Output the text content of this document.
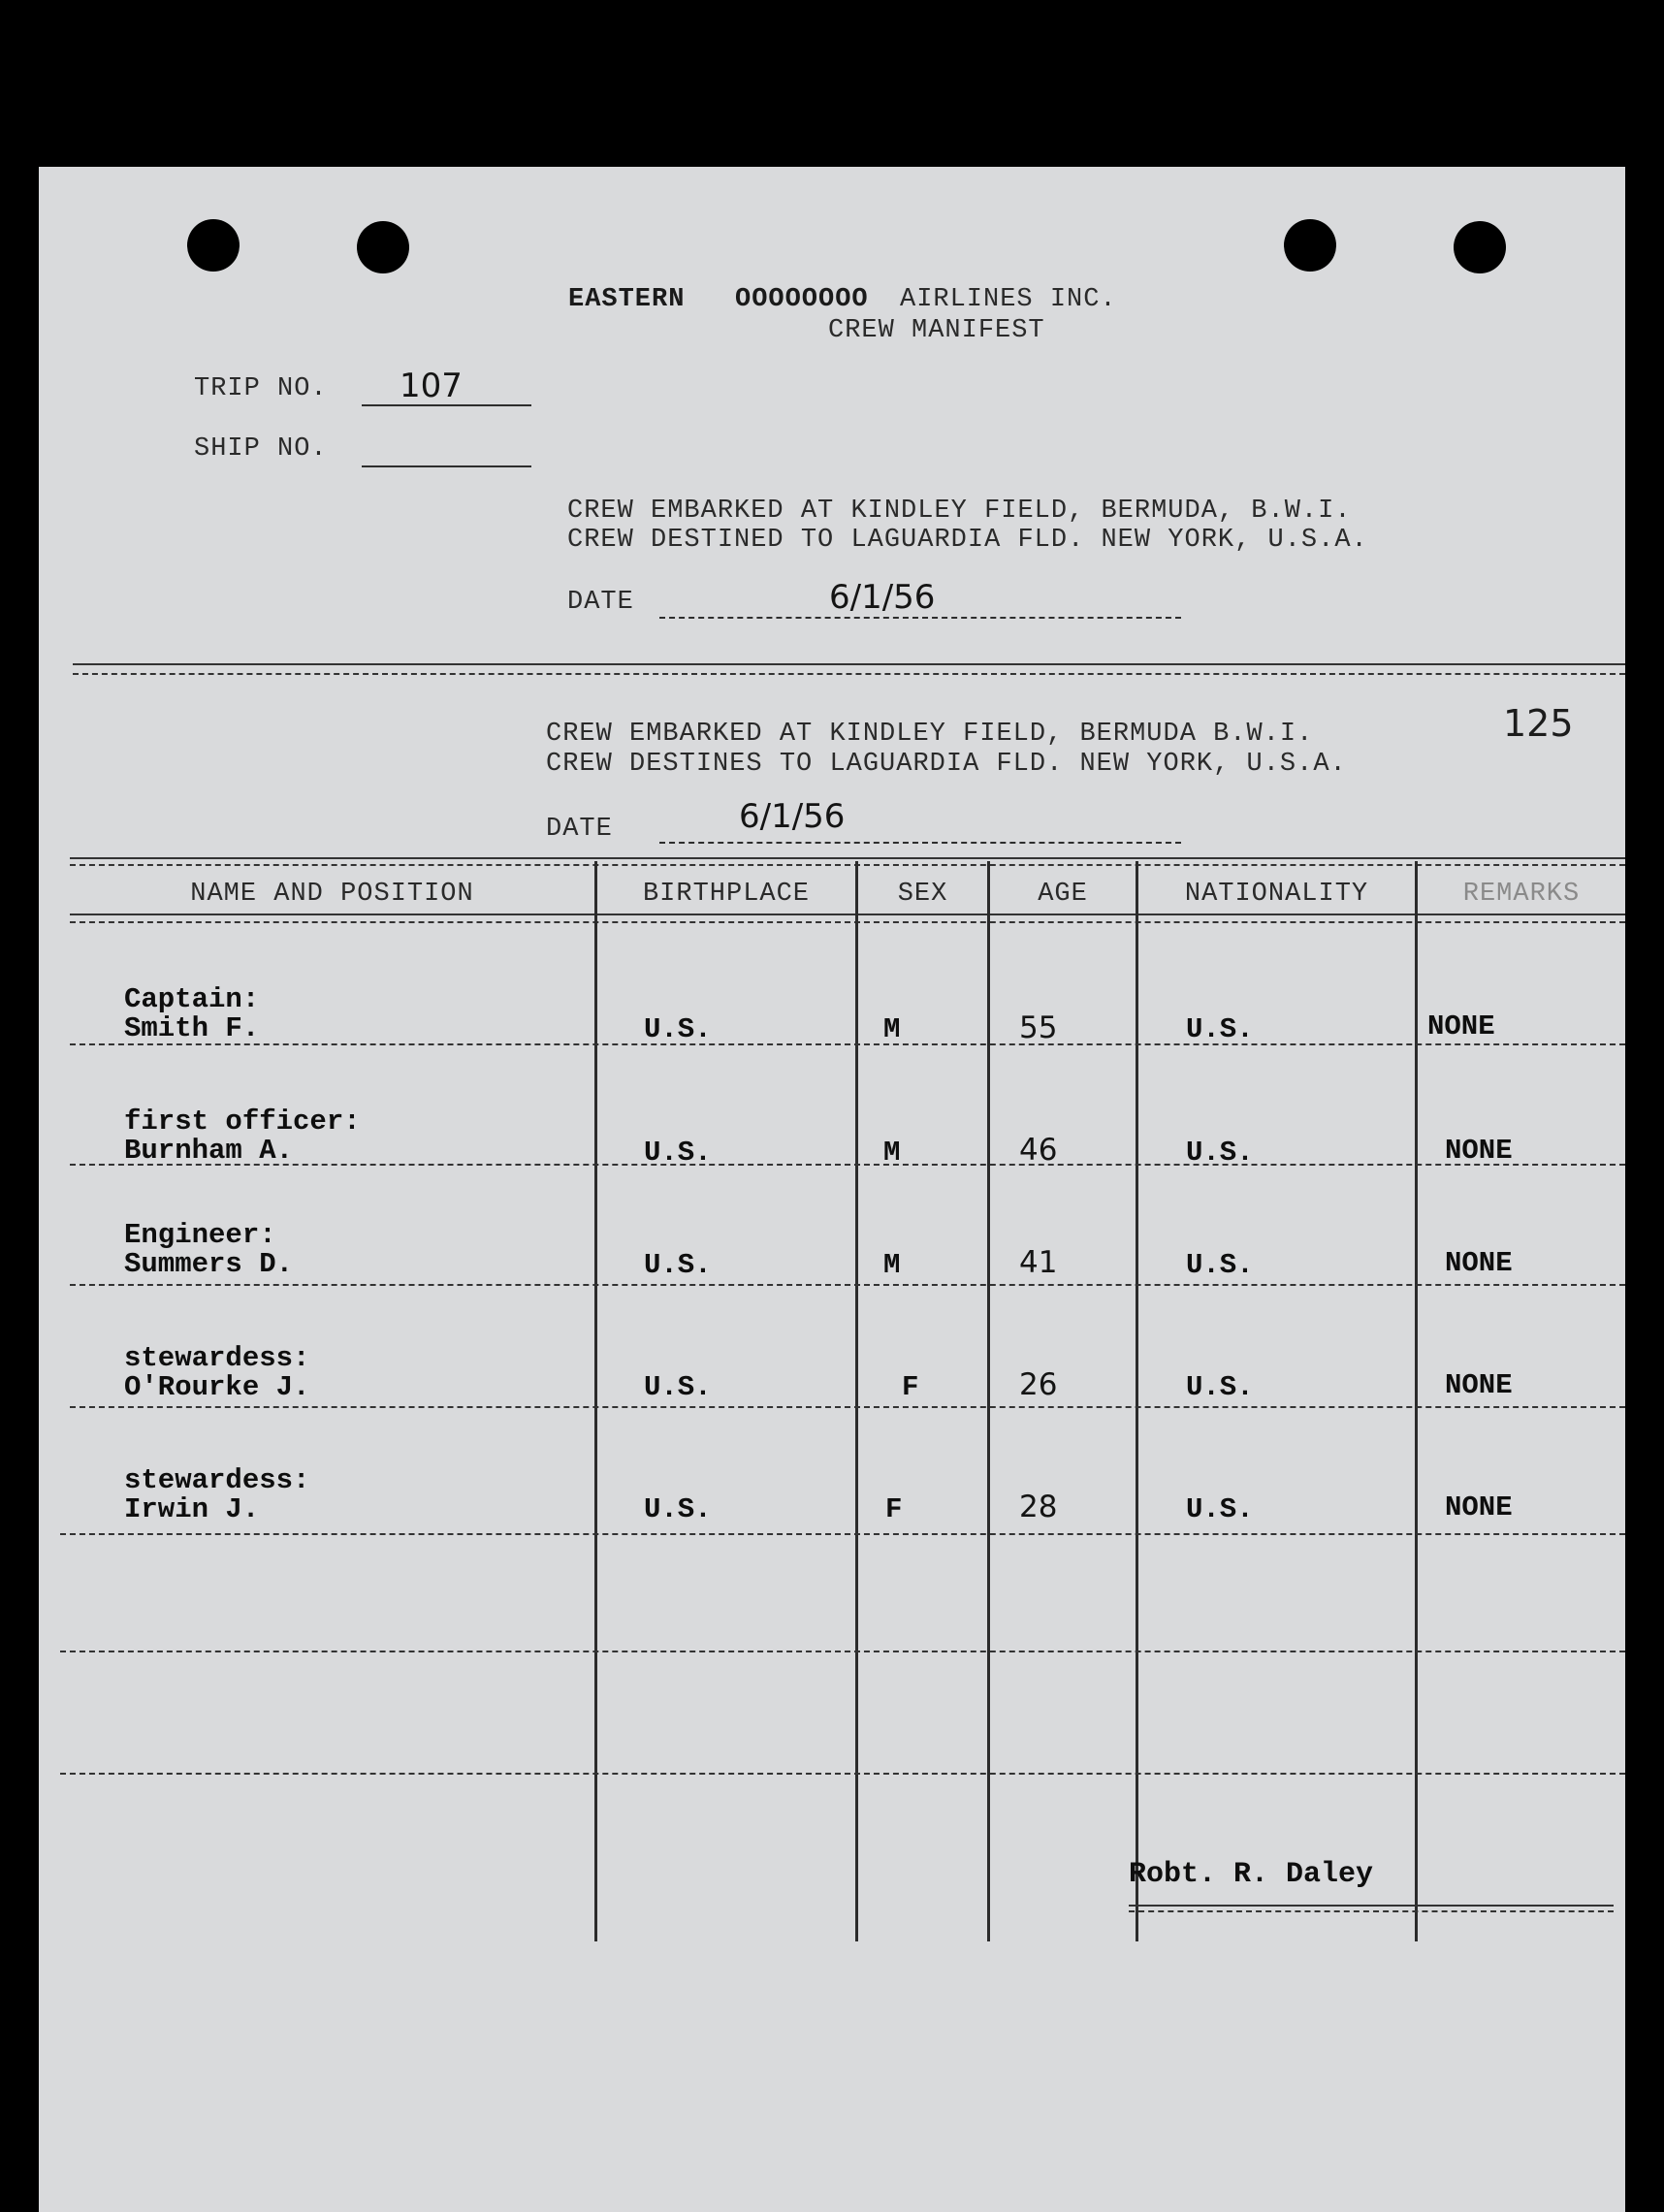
EASTERN OOOOOOOO AIRLINES INC.
CREW MANIFEST
TRIP NO. 107
SHIP NO.
CREW EMBARKED AT KINDLEY FIELD, BERMUDA, B.W.I.
CREW DESTINED TO LAGUARDIA FLD. NEW YORK, U.S.A.
DATE	6/1/56
CREW EMBARKED AT KINDLEY FIELD, BERMUDA B.W.I.
CREW DESTINES TO LAGUARDIA FLD. NEW YORK, U.S.A.
125
DATE	6/1/56
NAME AND POSITION	BIRTHPLACE	SEX	AGE	NATIONALITY	REMARKS
Captain:
Smith F.	U.S.	M	55	U.S.	NONE
first officer:
Burnham A.	U.S.	M	46	U.S.	NONE
Engineer:
Summers D.	U.S.	M	41	U.S.	NONE
stewardess:
O'Rourke J.	U.S.	F	26	U.S.	NONE
stewardess:
Irwin J.	U.S.	F	28	U.S.	NONE
Robt. R. Daley
